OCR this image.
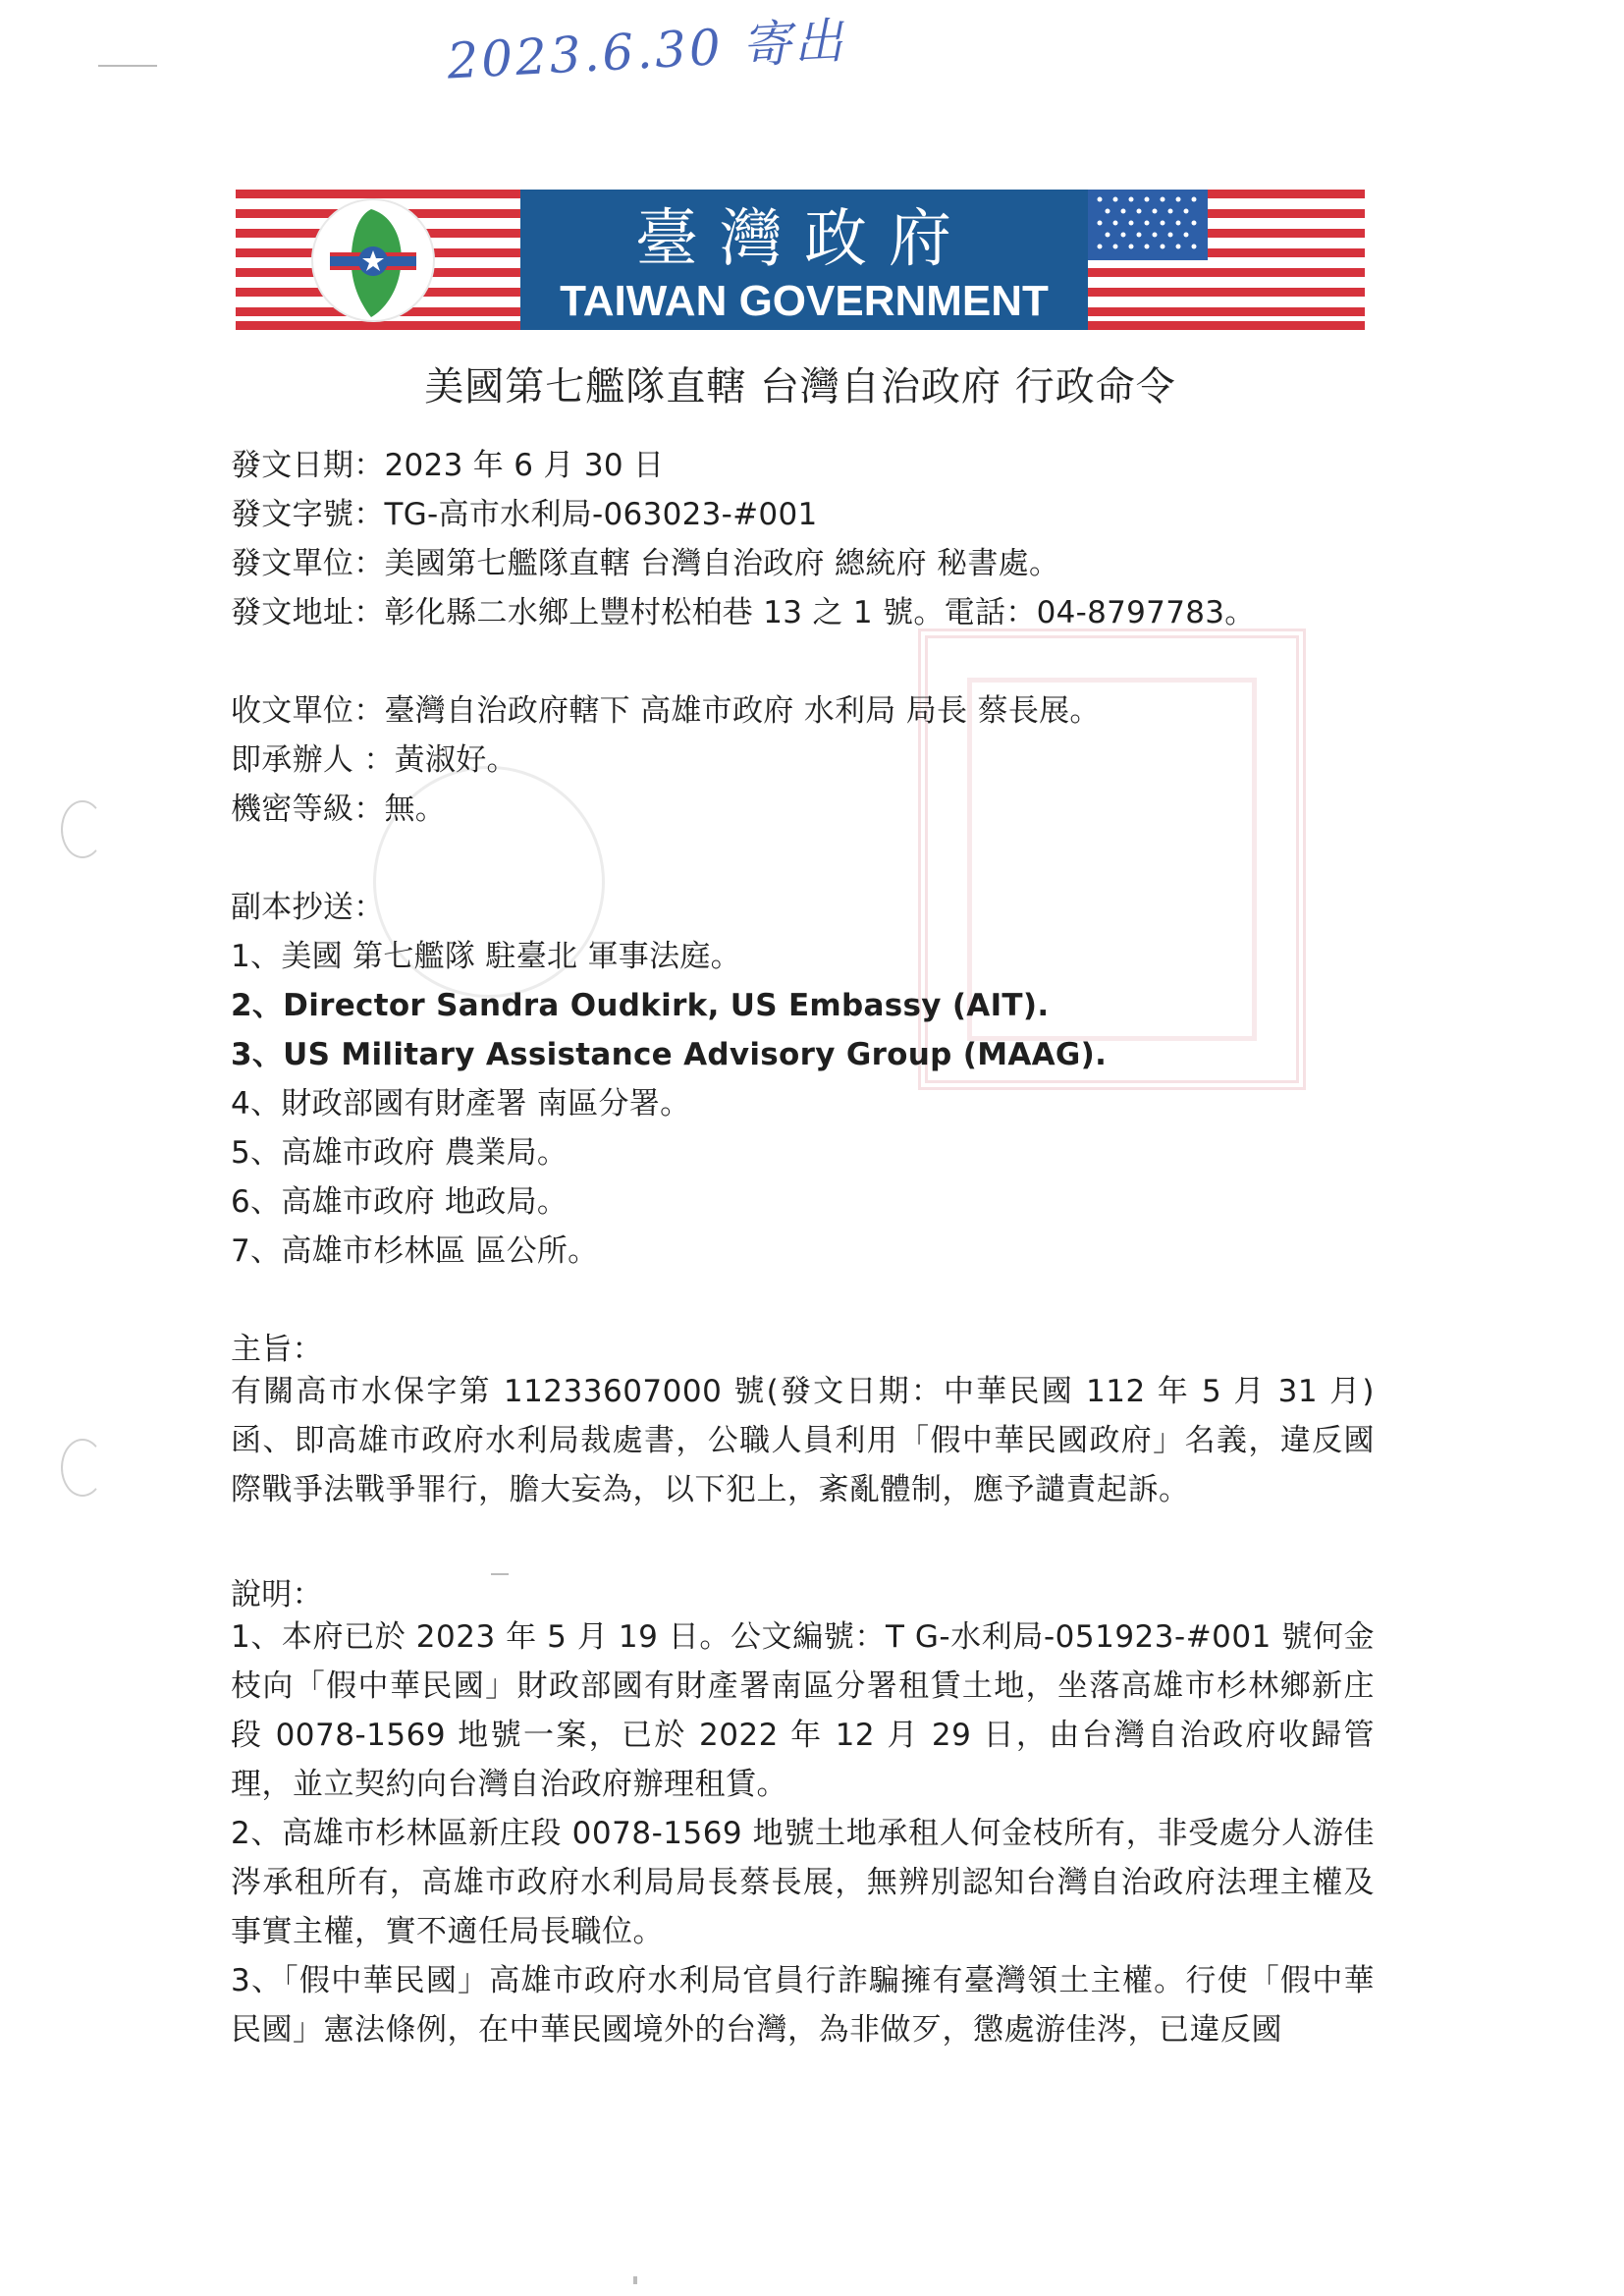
2023.6.30 寄出
臺灣政府
TAIWAN GOVERNMENT
美國第七艦隊直轄 台灣自治政府 行政命令
發文日期：2023 年 6 月 30 日
發文字號：TG-高市水利局-063023-#001
發文單位：美國第七艦隊直轄 台灣自治政府 總統府 秘書處。
發文地址：彰化縣二水鄉上豐村松柏巷 13 之 1 號。電話：04-8797783。
收文單位：臺灣自治政府轄下 高雄市政府 水利局 局長 蔡長展。
即承辦人 ：黃淑好。
機密等級：無。
副本抄送：
1、美國 第七艦隊 駐臺北 軍事法庭。
2、Director Sandra Oudkirk, US Embassy (AIT).
3、US Military Assistance Advisory Group (MAAG).
4、財政部國有財產署 南區分署。
5、高雄市政府 農業局。
6、高雄市政府 地政局。
7、高雄市杉林區 區公所。
主旨：
有關高市水保字第 11233607000 號(發文日期：中華民國 112 年 5 月 31 月)函、即高雄市政府水利局裁處書，公職人員利用「假中華民國政府」名義，違反國際戰爭法戰爭罪行，膽大妄為，以下犯上，紊亂體制，應予譴責起訴。
說明：
1、本府已於 2023 年 5 月 19 日。公文編號：T G-水利局-051923-#001 號何金枝向「假中華民國」財政部國有財產署南區分署租賃土地，坐落高雄市杉林鄉新庄段 0078-1569 地號一案，已於 2022 年 12 月 29 日，由台灣自治政府收歸管理，並立契約向台灣自治政府辦理租賃。
2、高雄市杉林區新庄段 0078-1569 地號土地承租人何金枝所有，非受處分人游佳涔承租所有，高雄市政府水利局局長蔡長展，無辨別認知台灣自治政府法理主權及事實主權，實不適任局長職位。
3、「假中華民國」高雄市政府水利局官員行詐騙擁有臺灣領土主權。行使「假中華民國」憲法條例，在中華民國境外的台灣，為非做歹，懲處游佳涔，已違反國
